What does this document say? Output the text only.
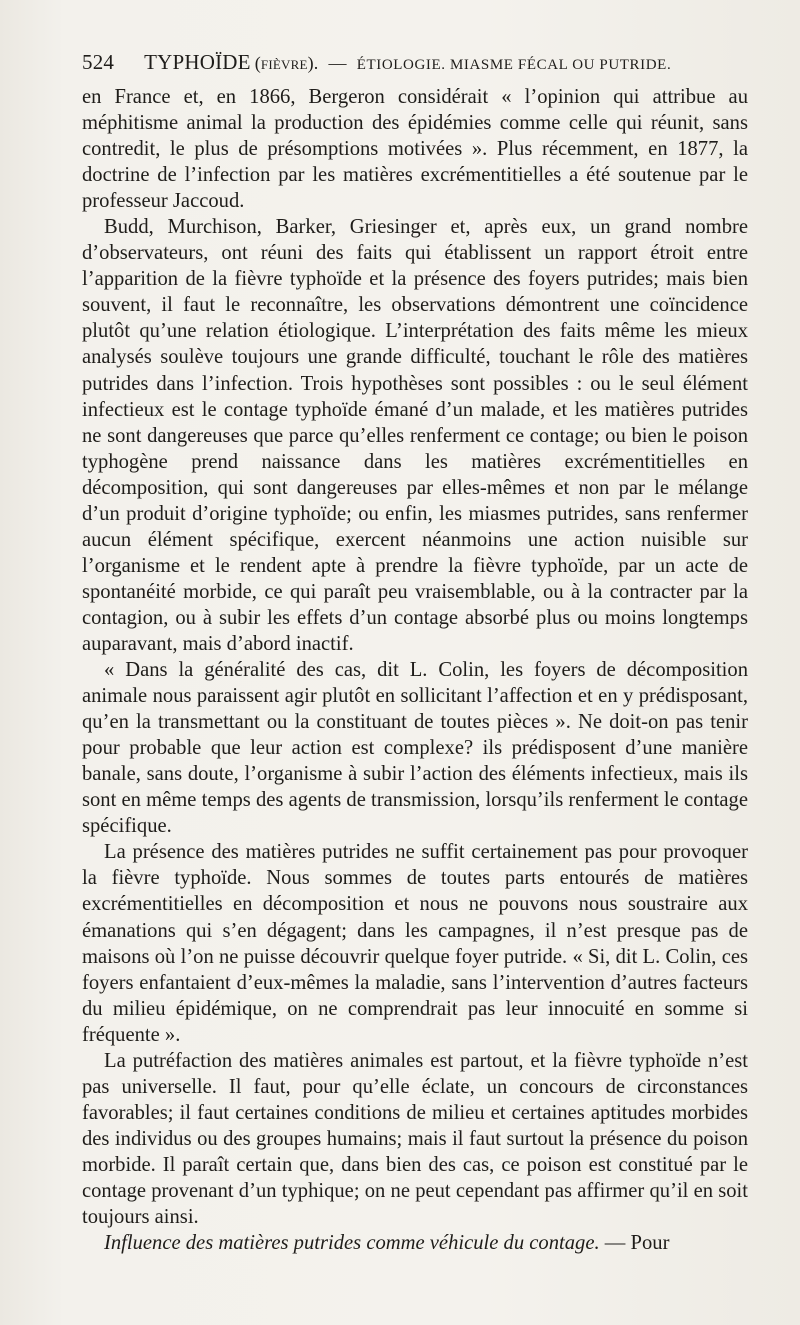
524 TYPHOÏDE (fièvre). — ÉTIOLOGIE. MIASME FÉCAL OU PUTRIDE.

en France et, en 1866, Bergeron considérait « l’opinion qui attribue au méphitisme animal la production des épidémies comme celle qui réunit, sans contredit, le plus de présomptions motivées ». Plus récemment, en 1877, la doctrine de l’infection par les matières excrémentitielles a été soutenue par le professeur Jaccoud.

Budd, Murchison, Barker, Griesinger et, après eux, un grand nombre d’observateurs, ont réuni des faits qui établissent un rapport étroit entre l’apparition de la fièvre typhoïde et la présence des foyers putrides; mais bien souvent, il faut le reconnaître, les observations démontrent une coïncidence plutôt qu’une relation étiologique. L’interprétation des faits même les mieux analysés soulève toujours une grande difficulté, touchant le rôle des matières putrides dans l’infection. Trois hypothèses sont possibles : ou le seul élément infectieux est le contage typhoïde émané d’un malade, et les matières putrides ne sont dangereuses que parce qu’elles renferment ce contage; ou bien le poison typhogène prend naissance dans les matières excrémentitielles en décomposition, qui sont dangereuses par elles-mêmes et non par le mélange d’un produit d’origine typhoïde; ou enfin, les miasmes putrides, sans renfermer aucun élément spécifique, exercent néanmoins une action nuisible sur l’organisme et le rendent apte à prendre la fièvre typhoïde, par un acte de spontanéité morbide, ce qui paraît peu vraisemblable, ou à la contracter par la contagion, ou à subir les effets d’un contage absorbé plus ou moins longtemps auparavant, mais d’abord inactif.

« Dans la généralité des cas, dit L. Colin, les foyers de décomposition animale nous paraissent agir plutôt en sollicitant l’affection et en y prédisposant, qu’en la transmettant ou la constituant de toutes pièces ». Ne doit-on pas tenir pour probable que leur action est complexe? ils prédisposent d’une manière banale, sans doute, l’organisme à subir l’action des éléments infectieux, mais ils sont en même temps des agents de transmission, lorsqu’ils renferment le contage spécifique.

La présence des matières putrides ne suffit certainement pas pour provoquer la fièvre typhoïde. Nous sommes de toutes parts entourés de matières excrémentitielles en décomposition et nous ne pouvons nous soustraire aux émanations qui s’en dégagent; dans les campagnes, il n’est presque pas de maisons où l’on ne puisse découvrir quelque foyer putride. « Si, dit L. Colin, ces foyers enfantaient d’eux-mêmes la maladie, sans l’intervention d’autres facteurs du milieu épidémique, on ne comprendrait pas leur innocuité en somme si fréquente ».

La putréfaction des matières animales est partout, et la fièvre typhoïde n’est pas universelle. Il faut, pour qu’elle éclate, un concours de circonstances favorables; il faut certaines conditions de milieu et certaines aptitudes morbides des individus ou des groupes humains; mais il faut surtout la présence du poison morbide. Il paraît certain que, dans bien des cas, ce poison est constitué par le contage provenant d’un typhique; on ne peut cependant pas affirmer qu’il en soit toujours ainsi.

Influence des matières putrides comme véhicule du contage. — Pour
